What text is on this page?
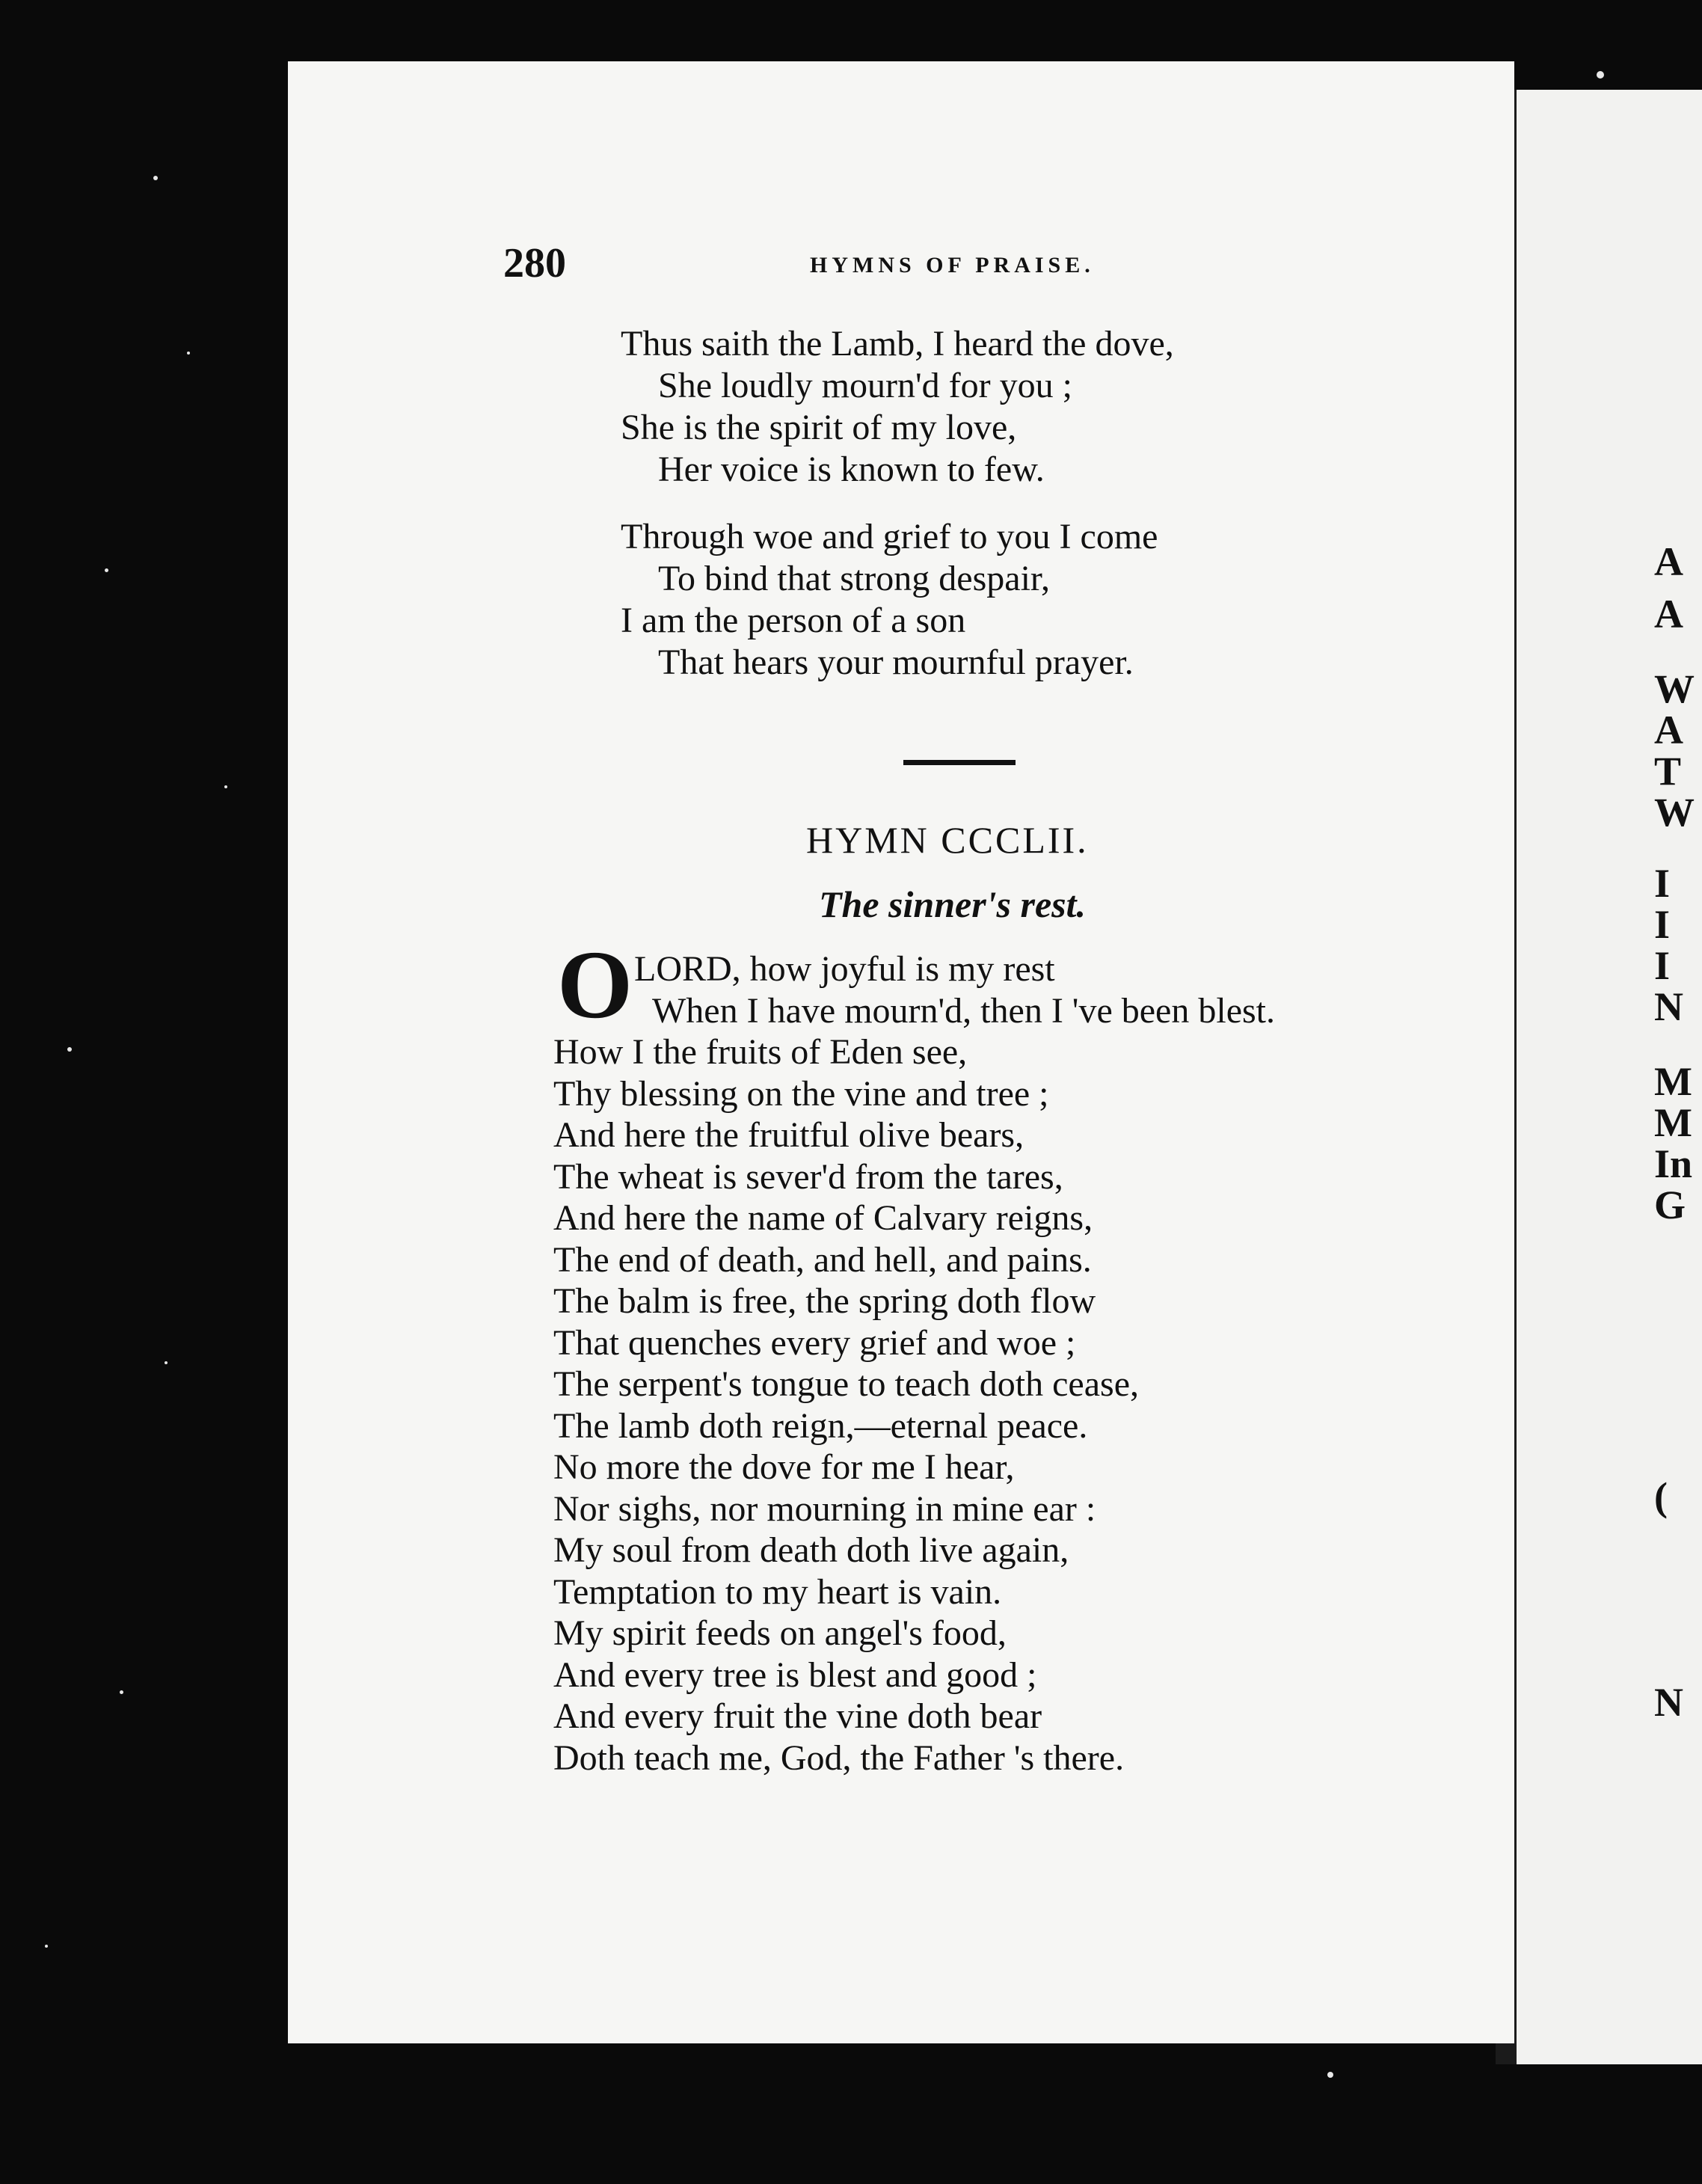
A
A
W
A
T
W
I
I
I
N
M
M
In
G
(
N
280	HYMNS OF PRAISE.
Thus saith the Lamb, I heard the dove,
She loudly mourn'd for you ;
She is the spirit of my love,
Her voice is known to few.
Through woe and grief to you I come
To bind that strong despair,
I am the person of a son
That hears your mournful prayer.
HYMN CCCLII.
The sinner's rest.
O LORD, how joyful is my rest
When I have mourn'd, then I 've been blest.
How I the fruits of Eden see,
Thy blessing on the vine and tree ;
And here the fruitful olive bears,
The wheat is sever'd from the tares,
And here the name of Calvary reigns,
The end of death, and hell, and pains.
The balm is free, the spring doth flow
That quenches every grief and woe ;
The serpent's tongue to teach doth cease,
The lamb doth reign,—eternal peace.
No more the dove for me I hear,
Nor sighs, nor mourning in mine ear :
My soul from death doth live again,
Temptation to my heart is vain.
My spirit feeds on angel's food,
And every tree is blest and good ;
And every fruit the vine doth bear
Doth teach me, God, the Father 's there.
